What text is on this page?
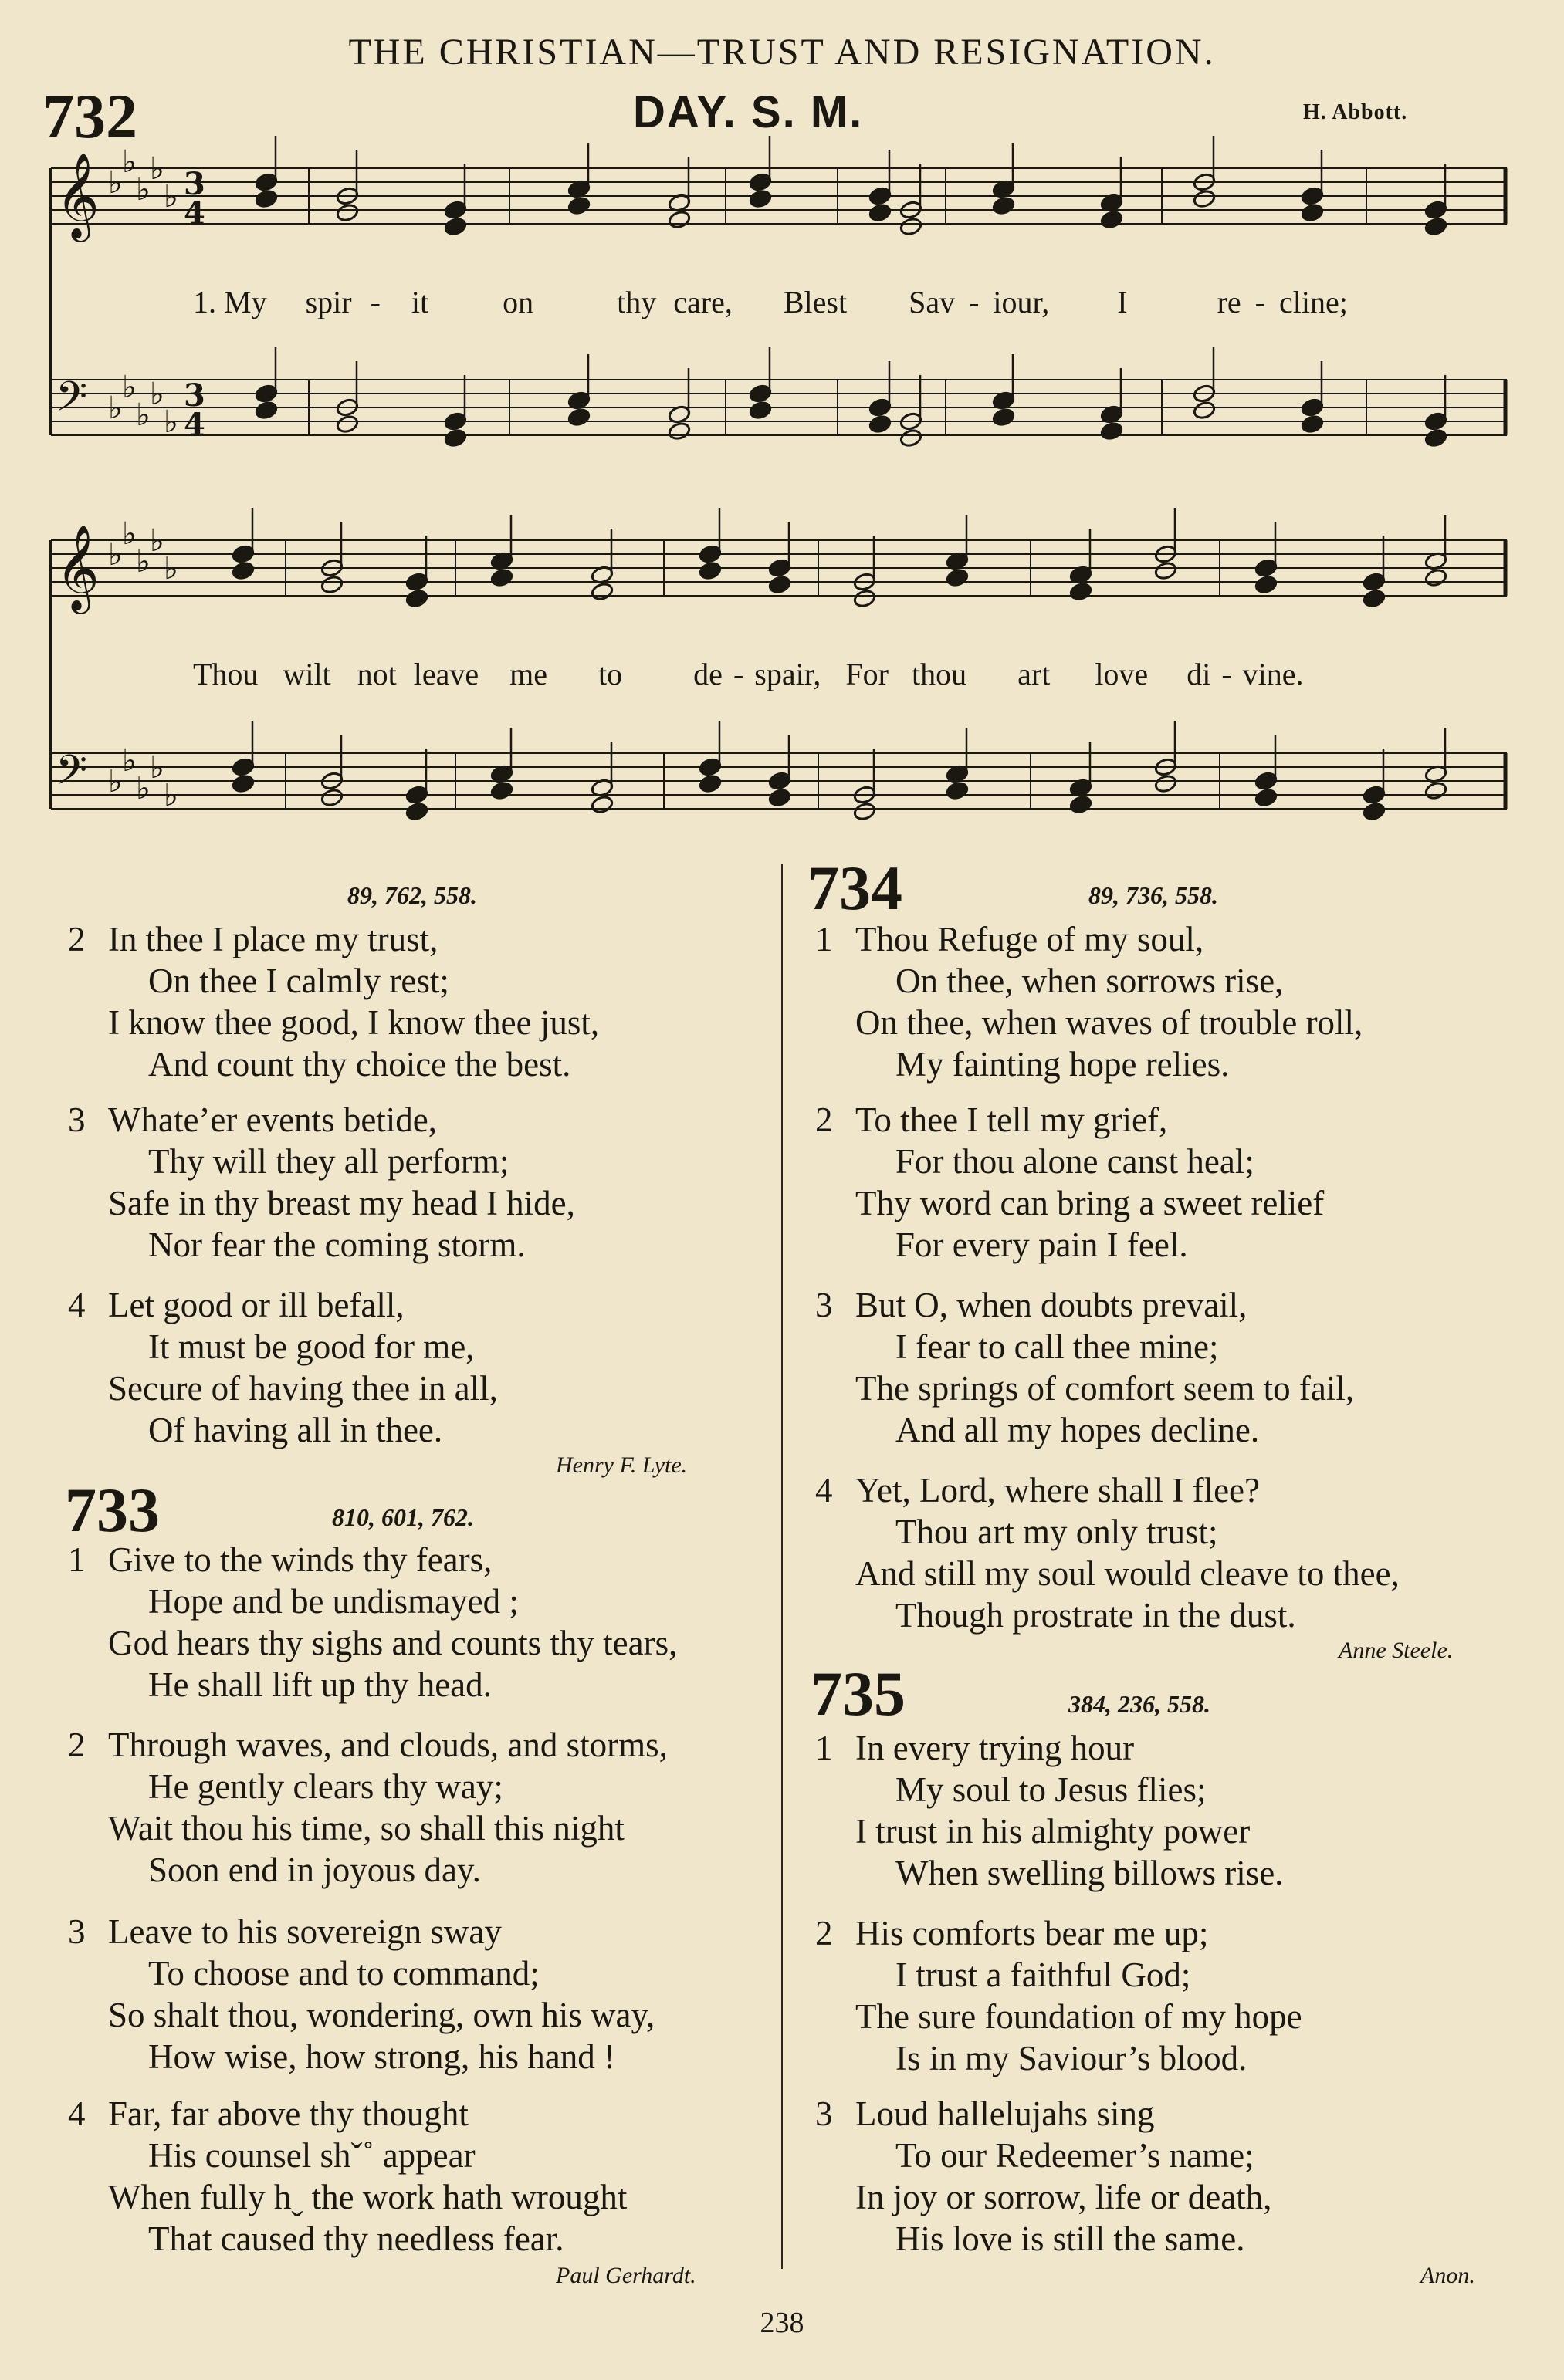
THE CHRISTIAN—TRUST AND RESIGNATION.
732	DAY. S. M.	H. Abbott.
𝄞 ♭
♭
♭
♭
♭ 3
4
𝄢 ♭
♭
♭
♭
♭
3
4
𝄞 ♭
♭
♭
♭
♭
𝄢 ♭
♭
♭
♭
♭
1. My spir - it on	thy care, Blest Sav - iour, I	re - cline;
Thou wilt not leave me to de - spair, For thou art love di - vine.
89, 762, 558.
2 In thee I place my trust,
On thee I calmly rest;
I know thee good, I know thee just,
And count thy choice the best.
3 Whate’er events betide,
Thy will they all perform;
Safe in thy breast my head I hide,
Nor fear the coming storm.
4 Let good or ill befall,
It must be good for me,
Secure of having thee in all,
Of having all in thee.
Henry F. Lyte.
733	810, 601, 762.
1 Give to the winds thy fears,
Hope and be undismayed ;
God hears thy sighs and counts thy tears,
He shall lift up thy head.
2 Through waves, and clouds, and storms,
He gently clears thy way;
Wait thou his time, so shall this night
Soon end in joyous day.
3 Leave to his sovereign sway
To choose and to command;
So shalt thou, wondering, own his way,
How wise, how strong, his hand !
4 Far, far above thy thought
His counsel shˇ˚ appear
When fully hˬ the work hath wrought
That caused thy needless fear.
Paul Gerhardt.
734	89, 736, 558.
1 Thou Refuge of my soul,
On thee, when sorrows rise,
On thee, when waves of trouble roll,
My fainting hope relies.
2 To thee I tell my grief,
For thou alone canst heal;
Thy word can bring a sweet relief
For every pain I feel.
3 But O, when doubts prevail,
I fear to call thee mine;
The springs of comfort seem to fail,
And all my hopes decline.
4 Yet, Lord, where shall I flee?
Thou art my only trust;
And still my soul would cleave to thee,
Though prostrate in the dust.
Anne Steele.
735	384, 236, 558.
1 In every trying hour
My soul to Jesus flies;
I trust in his almighty power
When swelling billows rise.
2 His comforts bear me up;
I trust a faithful God;
The sure foundation of my hope
Is in my Saviour’s blood.
3 Loud hallelujahs sing
To our Redeemer’s name;
In joy or sorrow, life or death,
His love is still the same.
Anon.
238
